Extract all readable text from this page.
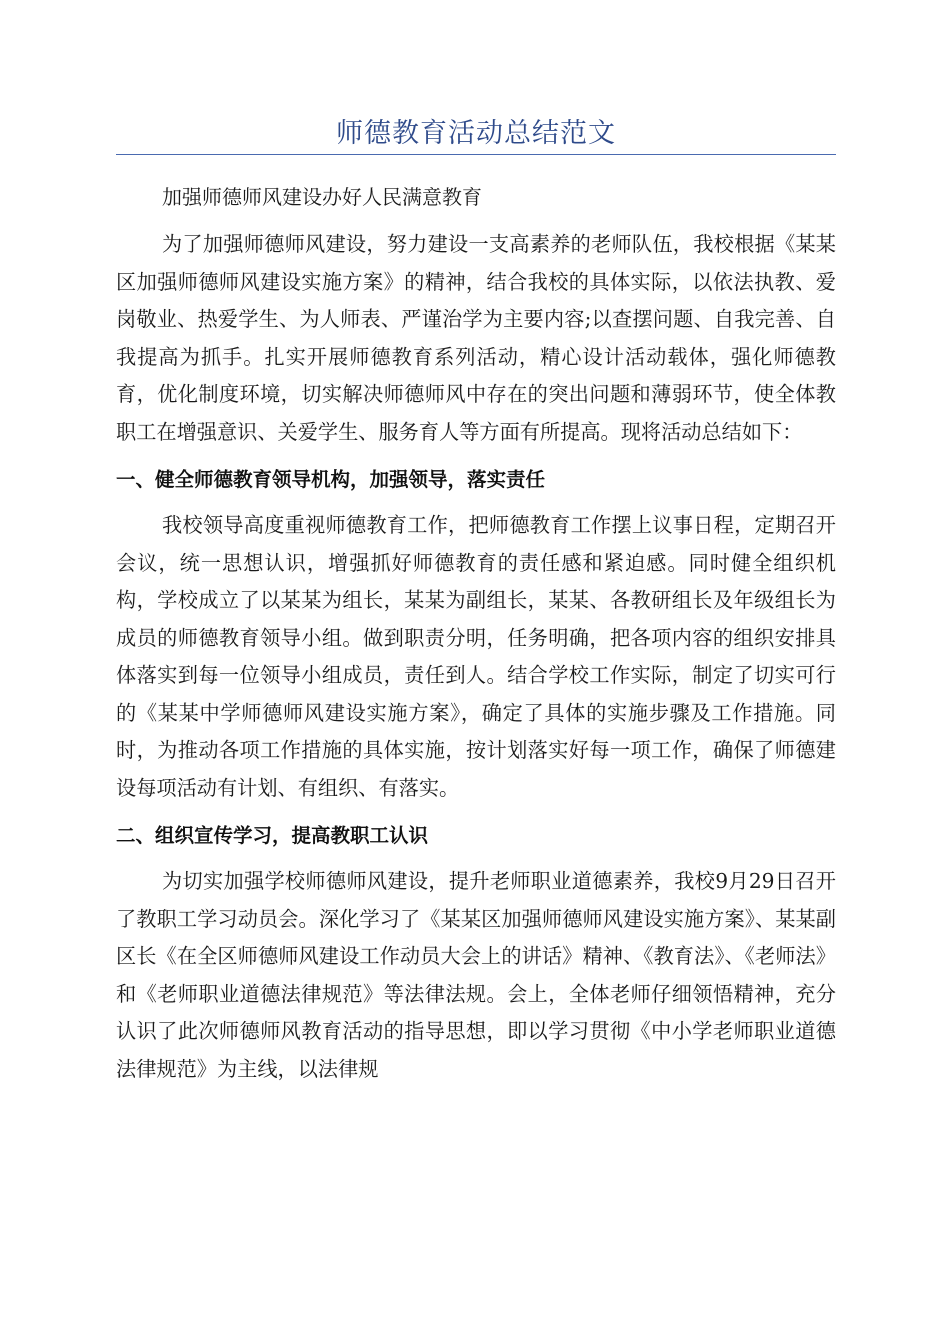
师德教育活动总结范文

加强师德师风建设办好人民满意教育

为了加强师德师风建设，努力建设一支高素养的老师队伍，我校根据《某某区加强师德师风建设实施方案》的精神，结合我校的具体实际，以依法执教、爱岗敬业、热爱学生、为人师表、严谨治学为主要内容;以查摆问题、自我完善、自我提高为抓手。扎实开展师德教育系列活动，精心设计活动载体，强化师德教育，优化制度环境，切实解决师德师风中存在的突出问题和薄弱环节，使全体教职工在增强意识、关爱学生、服务育人等方面有所提高。现将活动总结如下：

一、健全师德教育领导机构，加强领导，落实责任

我校领导高度重视师德教育工作，把师德教育工作摆上议事日程，定期召开会议，统一思想认识，增强抓好师德教育的责任感和紧迫感。同时健全组织机构，学校成立了以某某为组长，某某为副组长，某某、各教研组长及年级组长为成员的师德教育领导小组。做到职责分明，任务明确，把各项内容的组织安排具体落实到每一位领导小组成员，责任到人。结合学校工作实际，制定了切实可行的《某某中学师德师风建设实施方案》，确定了具体的实施步骤及工作措施。同时，为推动各项工作措施的具体实施，按计划落实好每一项工作，确保了师德建设每项活动有计划、有组织、有落实。

二、组织宣传学习，提高教职工认识

为切实加强学校师德师风建设，提升老师职业道德素养，我校9月29日召开了教职工学习动员会。深化学习了《某某区加强师德师风建设实施方案》、某某副区长《在全区师德师风建设工作动员大会上的讲话》精神、《教育法》、《老师法》和《老师职业道德法律规范》等法律法规。会上，全体老师仔细领悟精神，充分认识了此次师德师风教育活动的指导思想，即以学习贯彻《中小学老师职业道德法律规范》为主线，以法律规
